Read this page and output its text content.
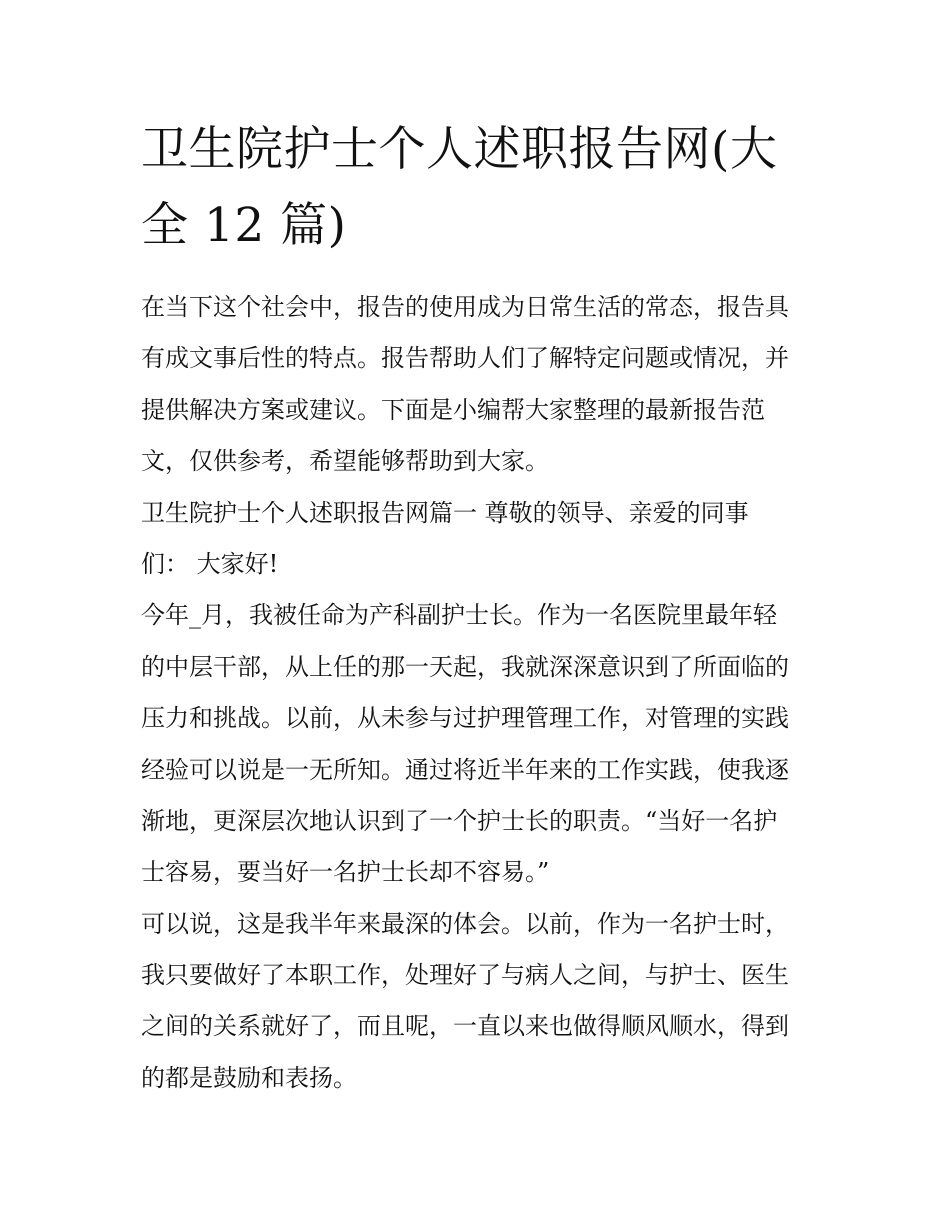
卫生院护士个人述职报告网(大
全 12 篇)
在当下这个社会中，报告的使用成为日常生活的常态，报告具
有成文事后性的特点。报告帮助人们了解特定问题或情况，并
提供解决方案或建议。下面是小编帮大家整理的最新报告范
文，仅供参考，希望能够帮助到大家。
卫生院护士个人述职报告网篇一 尊敬的领导、亲爱的同事
们： 大家好!
今年_月，我被任命为产科副护士长。作为一名医院里最年轻
的中层干部，从上任的那一天起，我就深深意识到了所面临的
压力和挑战。以前，从未参与过护理管理工作，对管理的实践
经验可以说是一无所知。通过将近半年来的工作实践，使我逐
渐地，更深层次地认识到了一个护士长的职责。“当好一名护
士容易，要当好一名护士长却不容易。”
可以说，这是我半年来最深的体会。以前，作为一名护士时，
我只要做好了本职工作，处理好了与病人之间，与护士、医生
之间的关系就好了，而且呢，一直以来也做得顺风顺水，得到
的都是鼓励和表扬。
